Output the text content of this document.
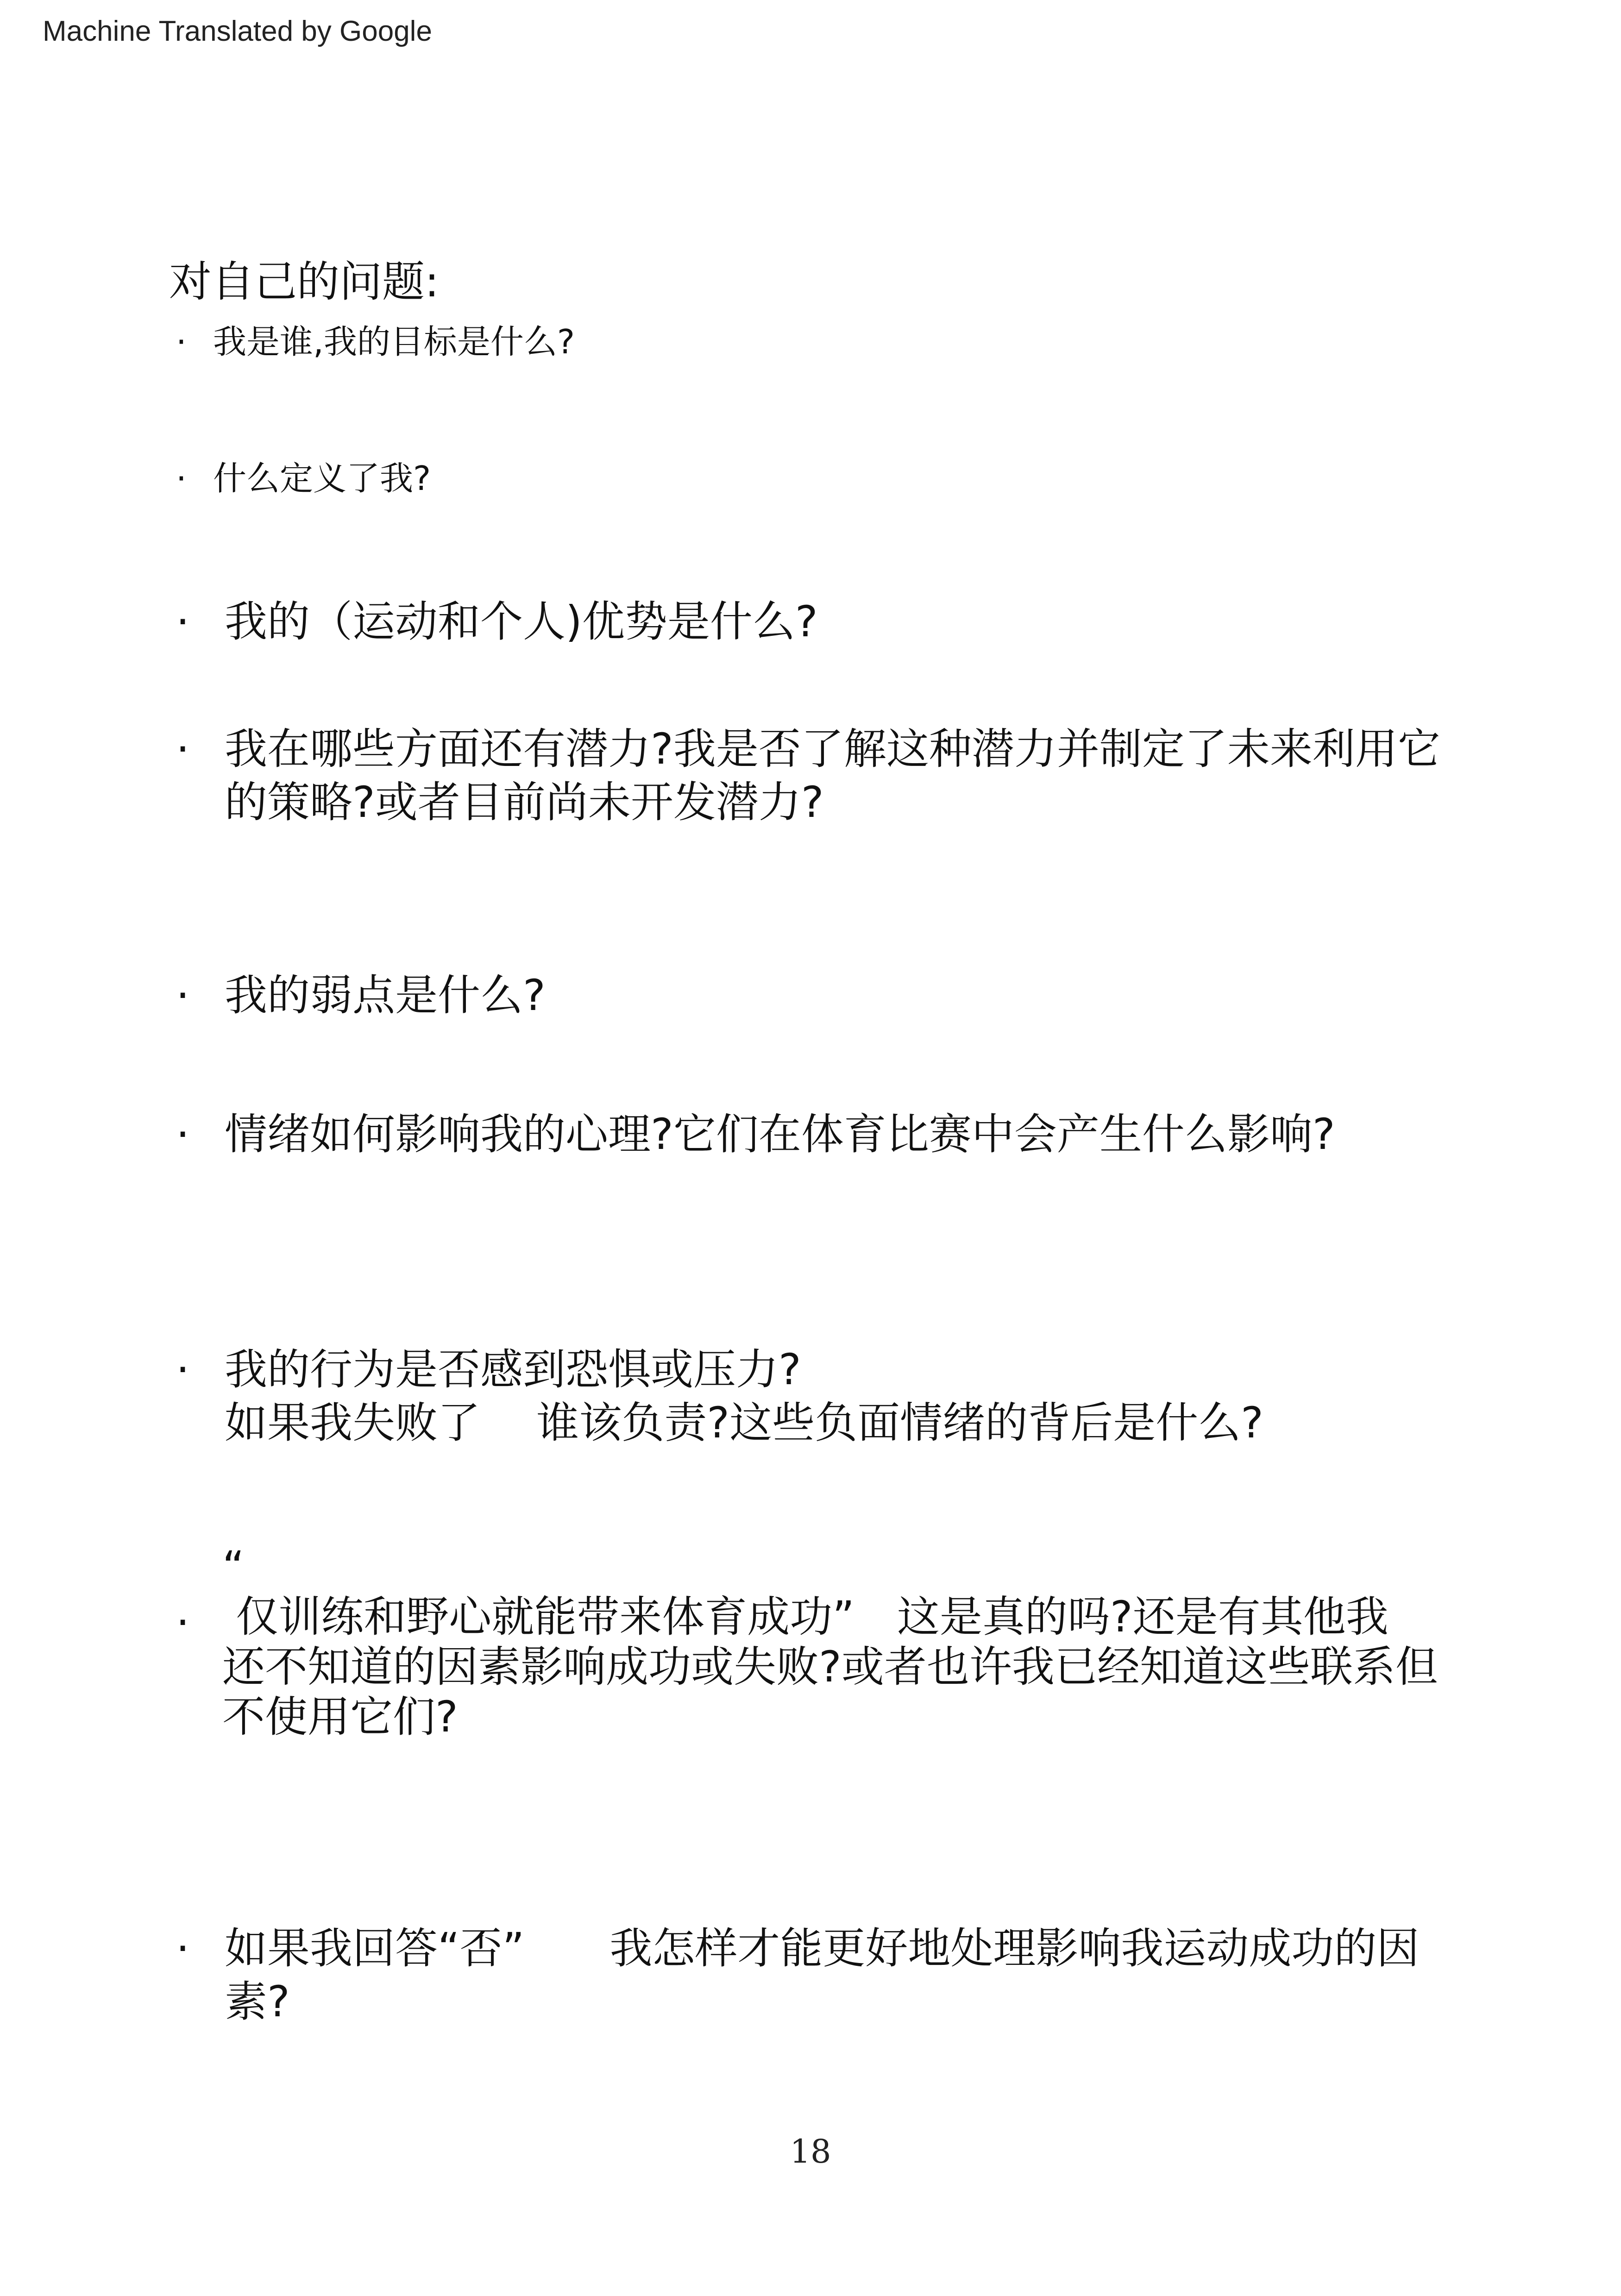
Machine Translated by Google
对自己的问题:
· 我是谁,我的目标是什么?
· 什么定义了我?
· 我的（运动和个人)优势是什么?
· 我在哪些方面还有潜力?我是否了解这种潜力并制定了未来利用它
的策略?或者目前尚未开发潜力?
· 我的弱点是什么?
· 情绪如何影响我的心理?它们在体育比赛中会产生什么影响?
· 我的行为是否感到恐惧或压力?
如果我失败了　 谁该负责?这些负面情绪的背后是什么?
·
“
仅训练和野心就能带来体育成功”　这是真的吗?还是有其他我
还不知道的因素影响成功或失败?或者也许我已经知道这些联系但
不使用它们?
· 如果我回答“否”　　我怎样才能更好地处理影响我运动成功的因
素?
18
